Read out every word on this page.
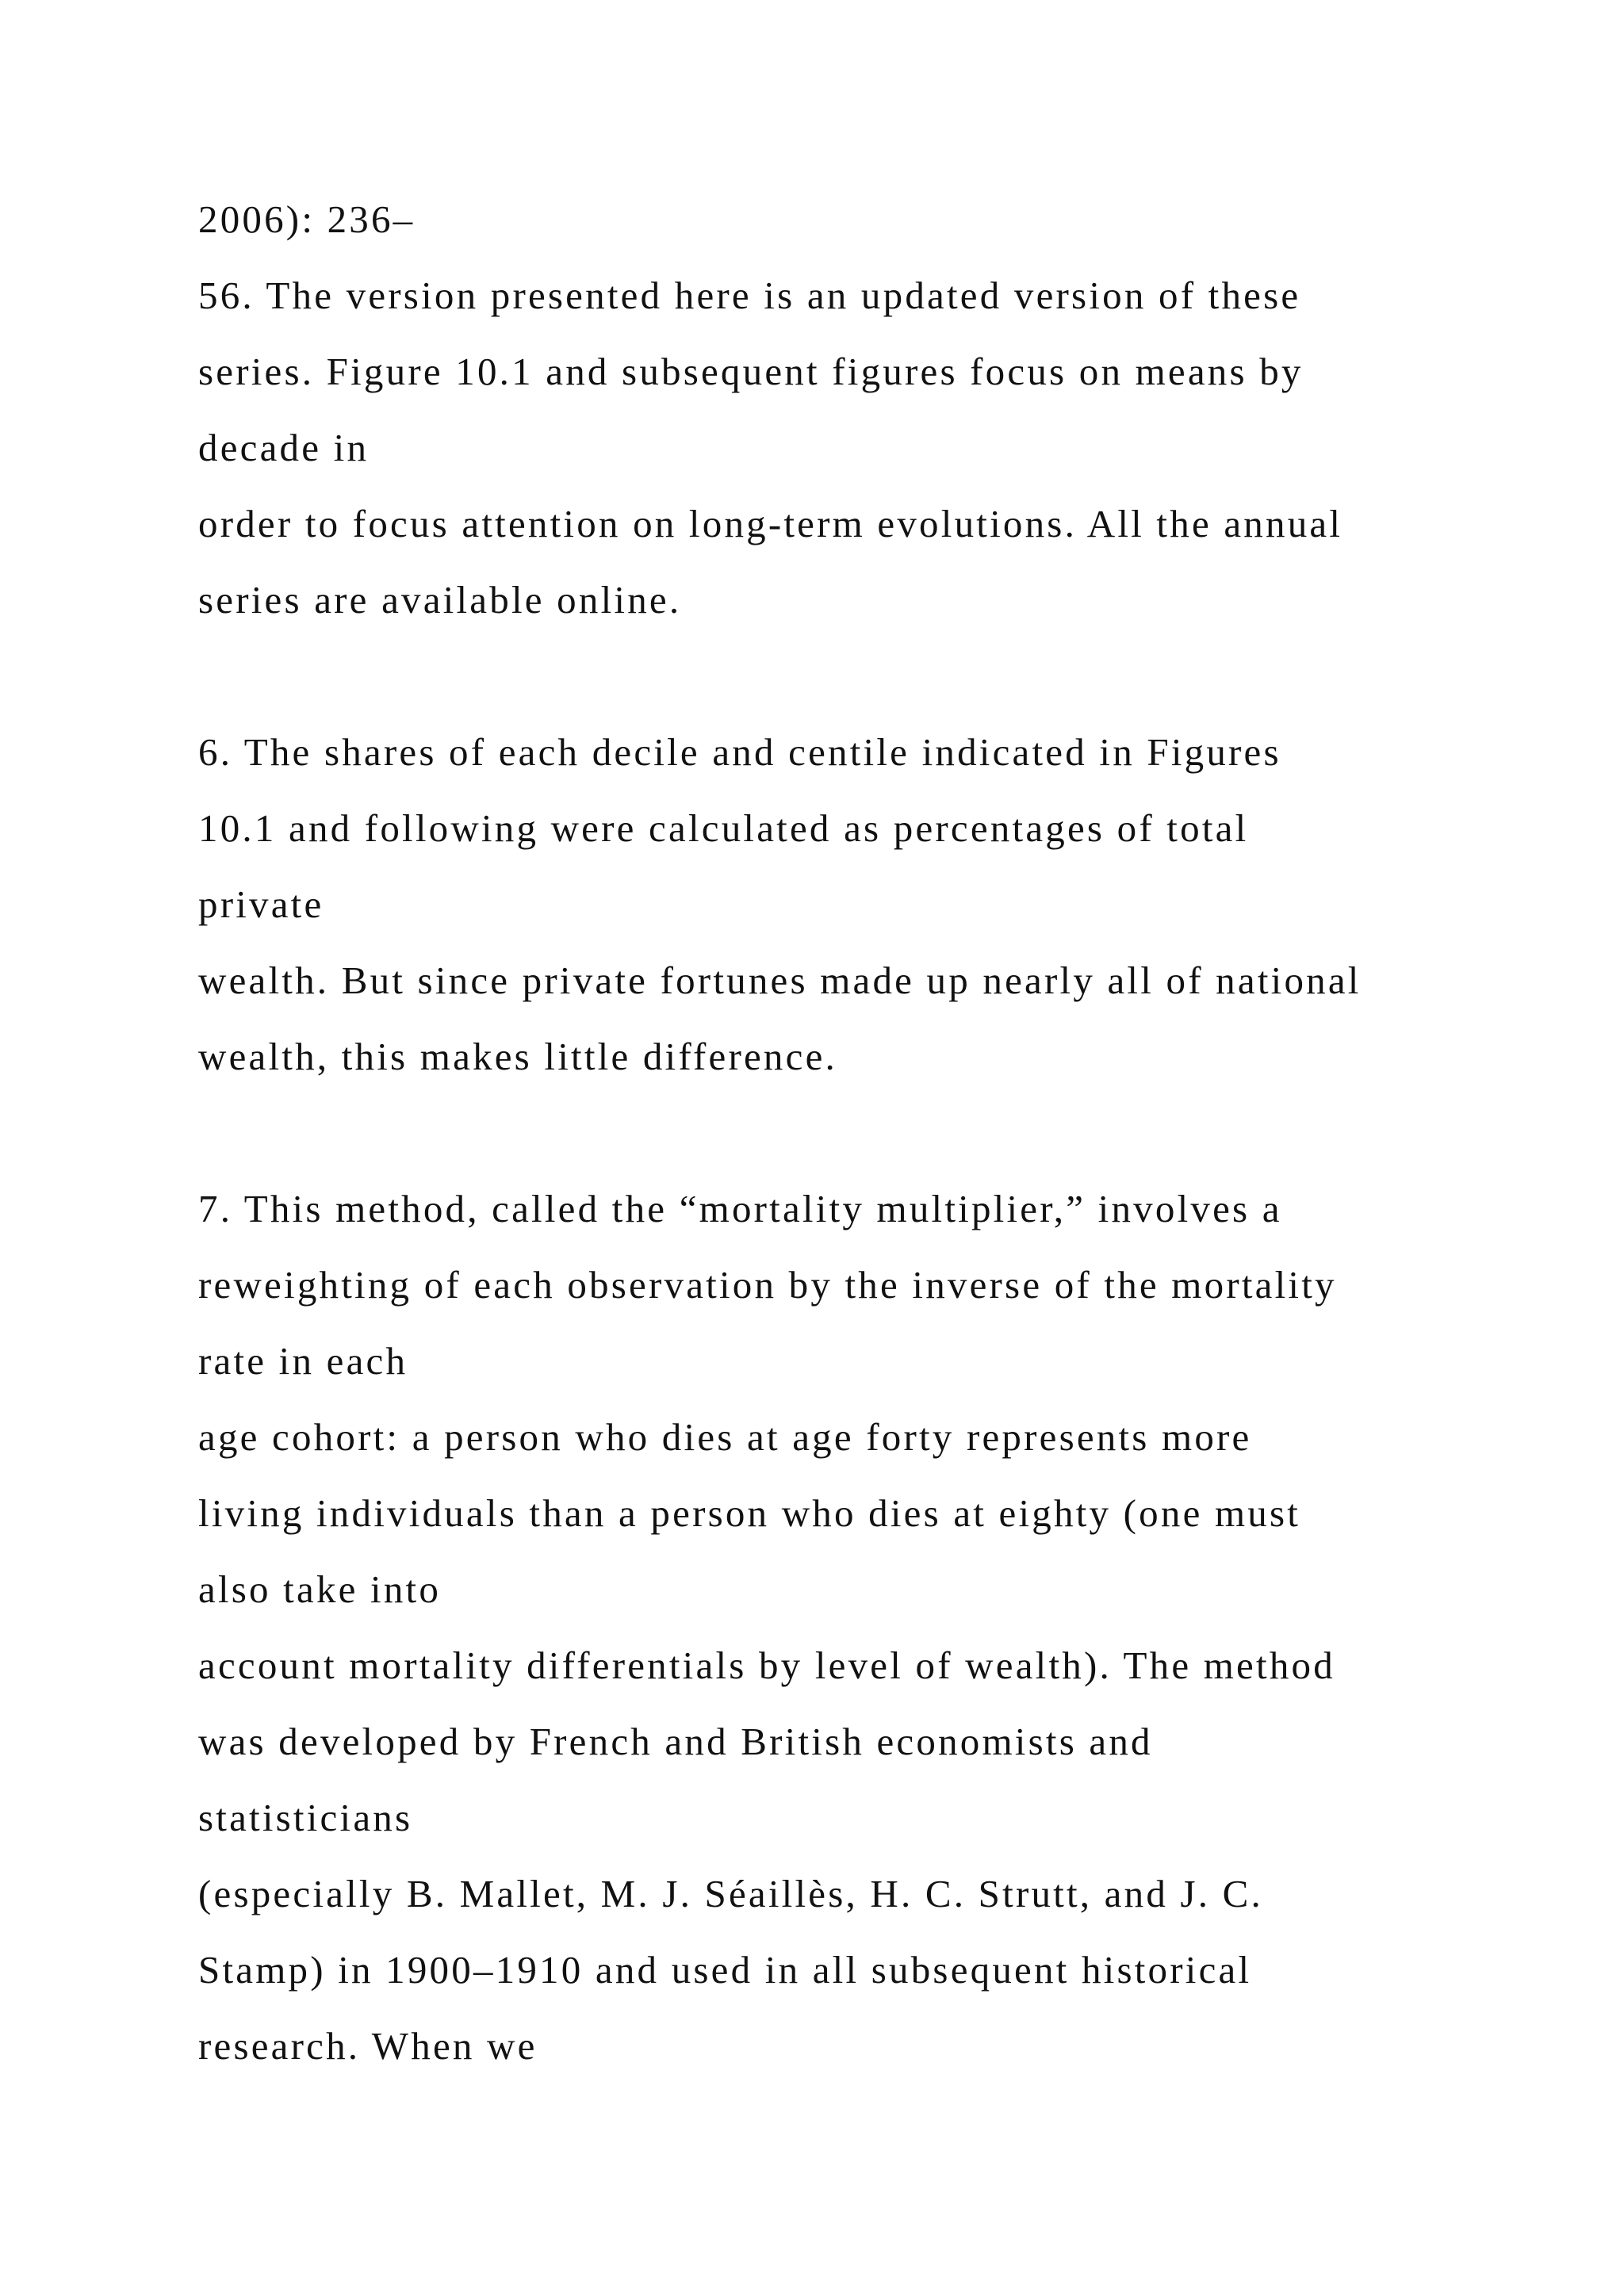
2006): 236–

56. The version presented here is an updated version of these

series. Figure 10.1 and subsequent figures focus on means by

decade in

order to focus attention on long-term evolutions. All the annual

series are available online.

6. The shares of each decile and centile indicated in Figures

10.1 and following were calculated as percentages of total

private

wealth. But since private fortunes made up nearly all of national

wealth, this makes little difference.

7. This method, called the “mortality multiplier,” involves a

reweighting of each observation by the inverse of the mortality

rate in each

age cohort: a person who dies at age forty represents more

living individuals than a person who dies at eighty (one must

also take into

account mortality differentials by level of wealth). The method

was developed by French and British economists and

statisticians

(especially B. Mallet, M. J. Séaillès, H. C. Strutt, and J. C.

Stamp) in 1900–1910 and used in all subsequent historical

research. When we
